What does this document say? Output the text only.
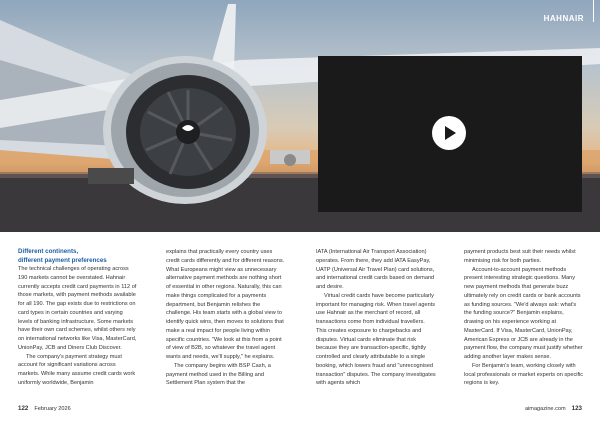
HAHNAIR
Different continents,
different payment preferences

The technical challenges of operating across 190 markets cannot be overstated. Hahnair currently accepts credit card payments in 112 of those markets, with payment methods available for all 190. The gap exists due to restrictions on card types in certain countries and varying levels of banking infrastructure. Some markets have their own card schemes, whilst others rely on international networks like Visa, MasterCard, UnionPay, JCB and Diners Club Discover.

The company's payment strategy must account for significant variations across markets. While many assume credit cards work uniformly worldwide, Benjamin

explains that practically every country uses credit cards differently and for different reasons. What Europeans might view as unnecessary alternative payment methods are nothing short of essential in other regions. Naturally, this can make things complicated for a payments department, but Benjamin relishes the challenge. His team starts with a global view to identify quick wins, then moves to solutions that make a real impact for people living within specific countries. "We look at this from a point of view of B2B, so whatever the travel agent wants and needs, we'll supply," he explains.

The company begins with BSP Cash, a payment method used in the Billing and Settlement Plan system that the

IATA (International Air Transport Association) operates. From there, they add IATA EasyPay, UATP (Universal Air Travel Plan) card solutions, and international credit cards based on demand and desire.

Virtual credit cards have become particularly important for managing risk. When travel agents use Hahnair as the merchant of record, all transactions come from individual travellers. This creates exposure to chargebacks and disputes. Virtual cards eliminate that risk because they are transaction-specific, tightly controlled and clearly attributable to a single booking, which lowers fraud and "unrecognised transaction" disputes. The company investigates with agents which

payment products best suit their needs whilst minimising risk for both parties.

Account-to-account payment methods present interesting strategic questions. Many new payment methods that generate buzz ultimately rely on credit cards or bank accounts as funding sources. "We'd always ask: what's the funding source?" Benjamin explains, drawing on his experience working at MasterCard. If Visa, MasterCard, UnionPay, American Express or JCB are already in the payment flow, the company must justify whether adding another layer makes sense.

For Benjamin's team, working closely with local professionals or market experts on specific regions is key.

122 February 2026	aimagazine.com 123
